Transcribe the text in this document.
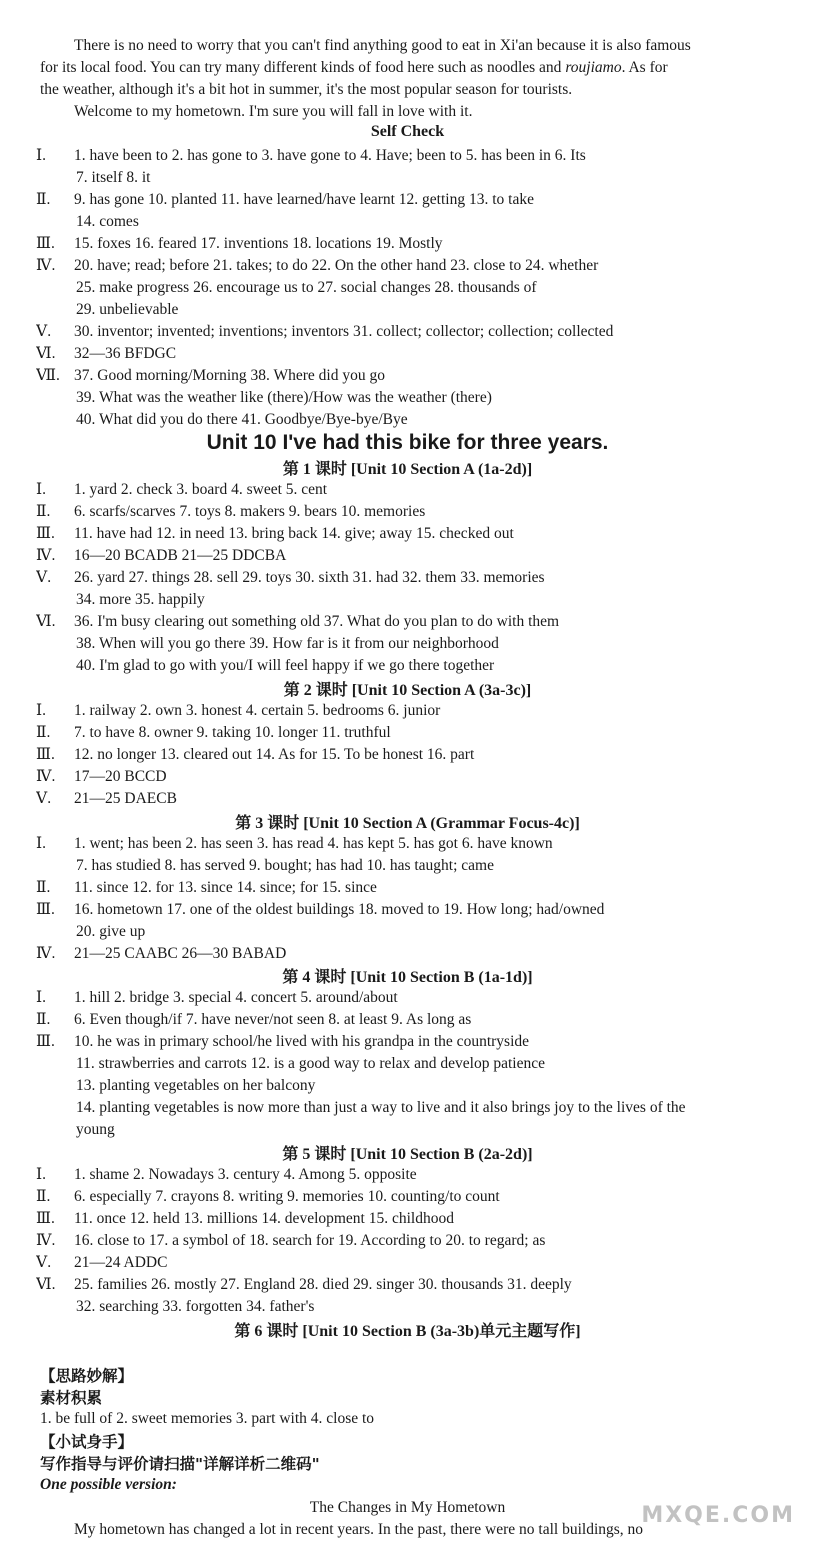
There is no need to worry that you can't find anything good to eat in Xi'an because it is also famous
for its local food. You can try many different kinds of food here such as noodles and roujiamo. As for
the weather, although it's a bit hot in summer, it's the most popular season for tourists.
Welcome to my hometown. I'm sure you will fall in love with it.
Self Check
Ⅰ. 1. have been to 2. has gone to 3. have gone to 4. Have; been to 5. has been in 6. Its
7. itself 8. it
Ⅱ. 9. has gone 10. planted 11. have learned/have learnt 12. getting 13. to take
14. comes
Ⅲ. 15. foxes 16. feared 17. inventions 18. locations 19. Mostly
Ⅳ. 20. have; read; before 21. takes; to do 22. On the other hand 23. close to 24. whether
25. make progress 26. encourage us to 27. social changes 28. thousands of
29. unbelievable
Ⅴ. 30. inventor; invented; inventions; inventors 31. collect; collector; collection; collected
Ⅵ. 32—36 BFDGC
Ⅶ. 37. Good morning/Morning 38. Where did you go
39. What was the weather like (there)/How was the weather (there)
40. What did you do there 41. Goodbye/Bye-bye/Bye
Unit 10 I've had this bike for three years.
第 1 课时 [Unit 10 Section A (1a-2d)]
Ⅰ. 1. yard 2. check 3. board 4. sweet 5. cent
Ⅱ. 6. scarfs/scarves 7. toys 8. makers 9. bears 10. memories
Ⅲ. 11. have had 12. in need 13. bring back 14. give; away 15. checked out
Ⅳ. 16—20 BCADB 21—25 DDCBA
Ⅴ. 26. yard 27. things 28. sell 29. toys 30. sixth 31. had 32. them 33. memories
34. more 35. happily
Ⅵ. 36. I'm busy clearing out something old 37. What do you plan to do with them
38. When will you go there 39. How far is it from our neighborhood
40. I'm glad to go with you/I will feel happy if we go there together
第 2 课时 [Unit 10 Section A (3a-3c)]
Ⅰ. 1. railway 2. own 3. honest 4. certain 5. bedrooms 6. junior
Ⅱ. 7. to have 8. owner 9. taking 10. longer 11. truthful
Ⅲ. 12. no longer 13. cleared out 14. As for 15. To be honest 16. part
Ⅳ. 17—20 BCCD
Ⅴ. 21—25 DAECB
第 3 课时 [Unit 10 Section A (Grammar Focus-4c)]
Ⅰ. 1. went; has been 2. has seen 3. has read 4. has kept 5. has got 6. have known
7. has studied 8. has served 9. bought; has had 10. has taught; came
Ⅱ. 11. since 12. for 13. since 14. since; for 15. since
Ⅲ. 16. hometown 17. one of the oldest buildings 18. moved to 19. How long; had/owned
20. give up
Ⅳ. 21—25 CAABC 26—30 BABAD
第 4 课时 [Unit 10 Section B (1a-1d)]
Ⅰ. 1. hill 2. bridge 3. special 4. concert 5. around/about
Ⅱ. 6. Even though/if 7. have never/not seen 8. at least 9. As long as
Ⅲ. 10. he was in primary school/he lived with his grandpa in the countryside
11. strawberries and carrots 12. is a good way to relax and develop patience
13. planting vegetables on her balcony
14. planting vegetables is now more than just a way to live and it also brings joy to the lives of the
young
第 5 课时 [Unit 10 Section B (2a-2d)]
Ⅰ. 1. shame 2. Nowadays 3. century 4. Among 5. opposite
Ⅱ. 6. especially 7. crayons 8. writing 9. memories 10. counting/to count
Ⅲ. 11. once 12. held 13. millions 14. development 15. childhood
Ⅳ. 16. close to 17. a symbol of 18. search for 19. According to 20. to regard; as
Ⅴ. 21—24 ADDC
Ⅵ. 25. families 26. mostly 27. England 28. died 29. singer 30. thousands 31. deeply
32. searching 33. forgotten 34. father's
第 6 课时 [Unit 10 Section B (3a-3b)单元主题写作]
【思路妙解】
素材积累
1. be full of 2. sweet memories 3. part with 4. close to
【小试身手】
写作指导与评价请扫描"详解详析二维码"
One possible version:
The Changes in My Hometown
My hometown has changed a lot in recent years. In the past, there were no tall buildings, no
MXQE.COM
